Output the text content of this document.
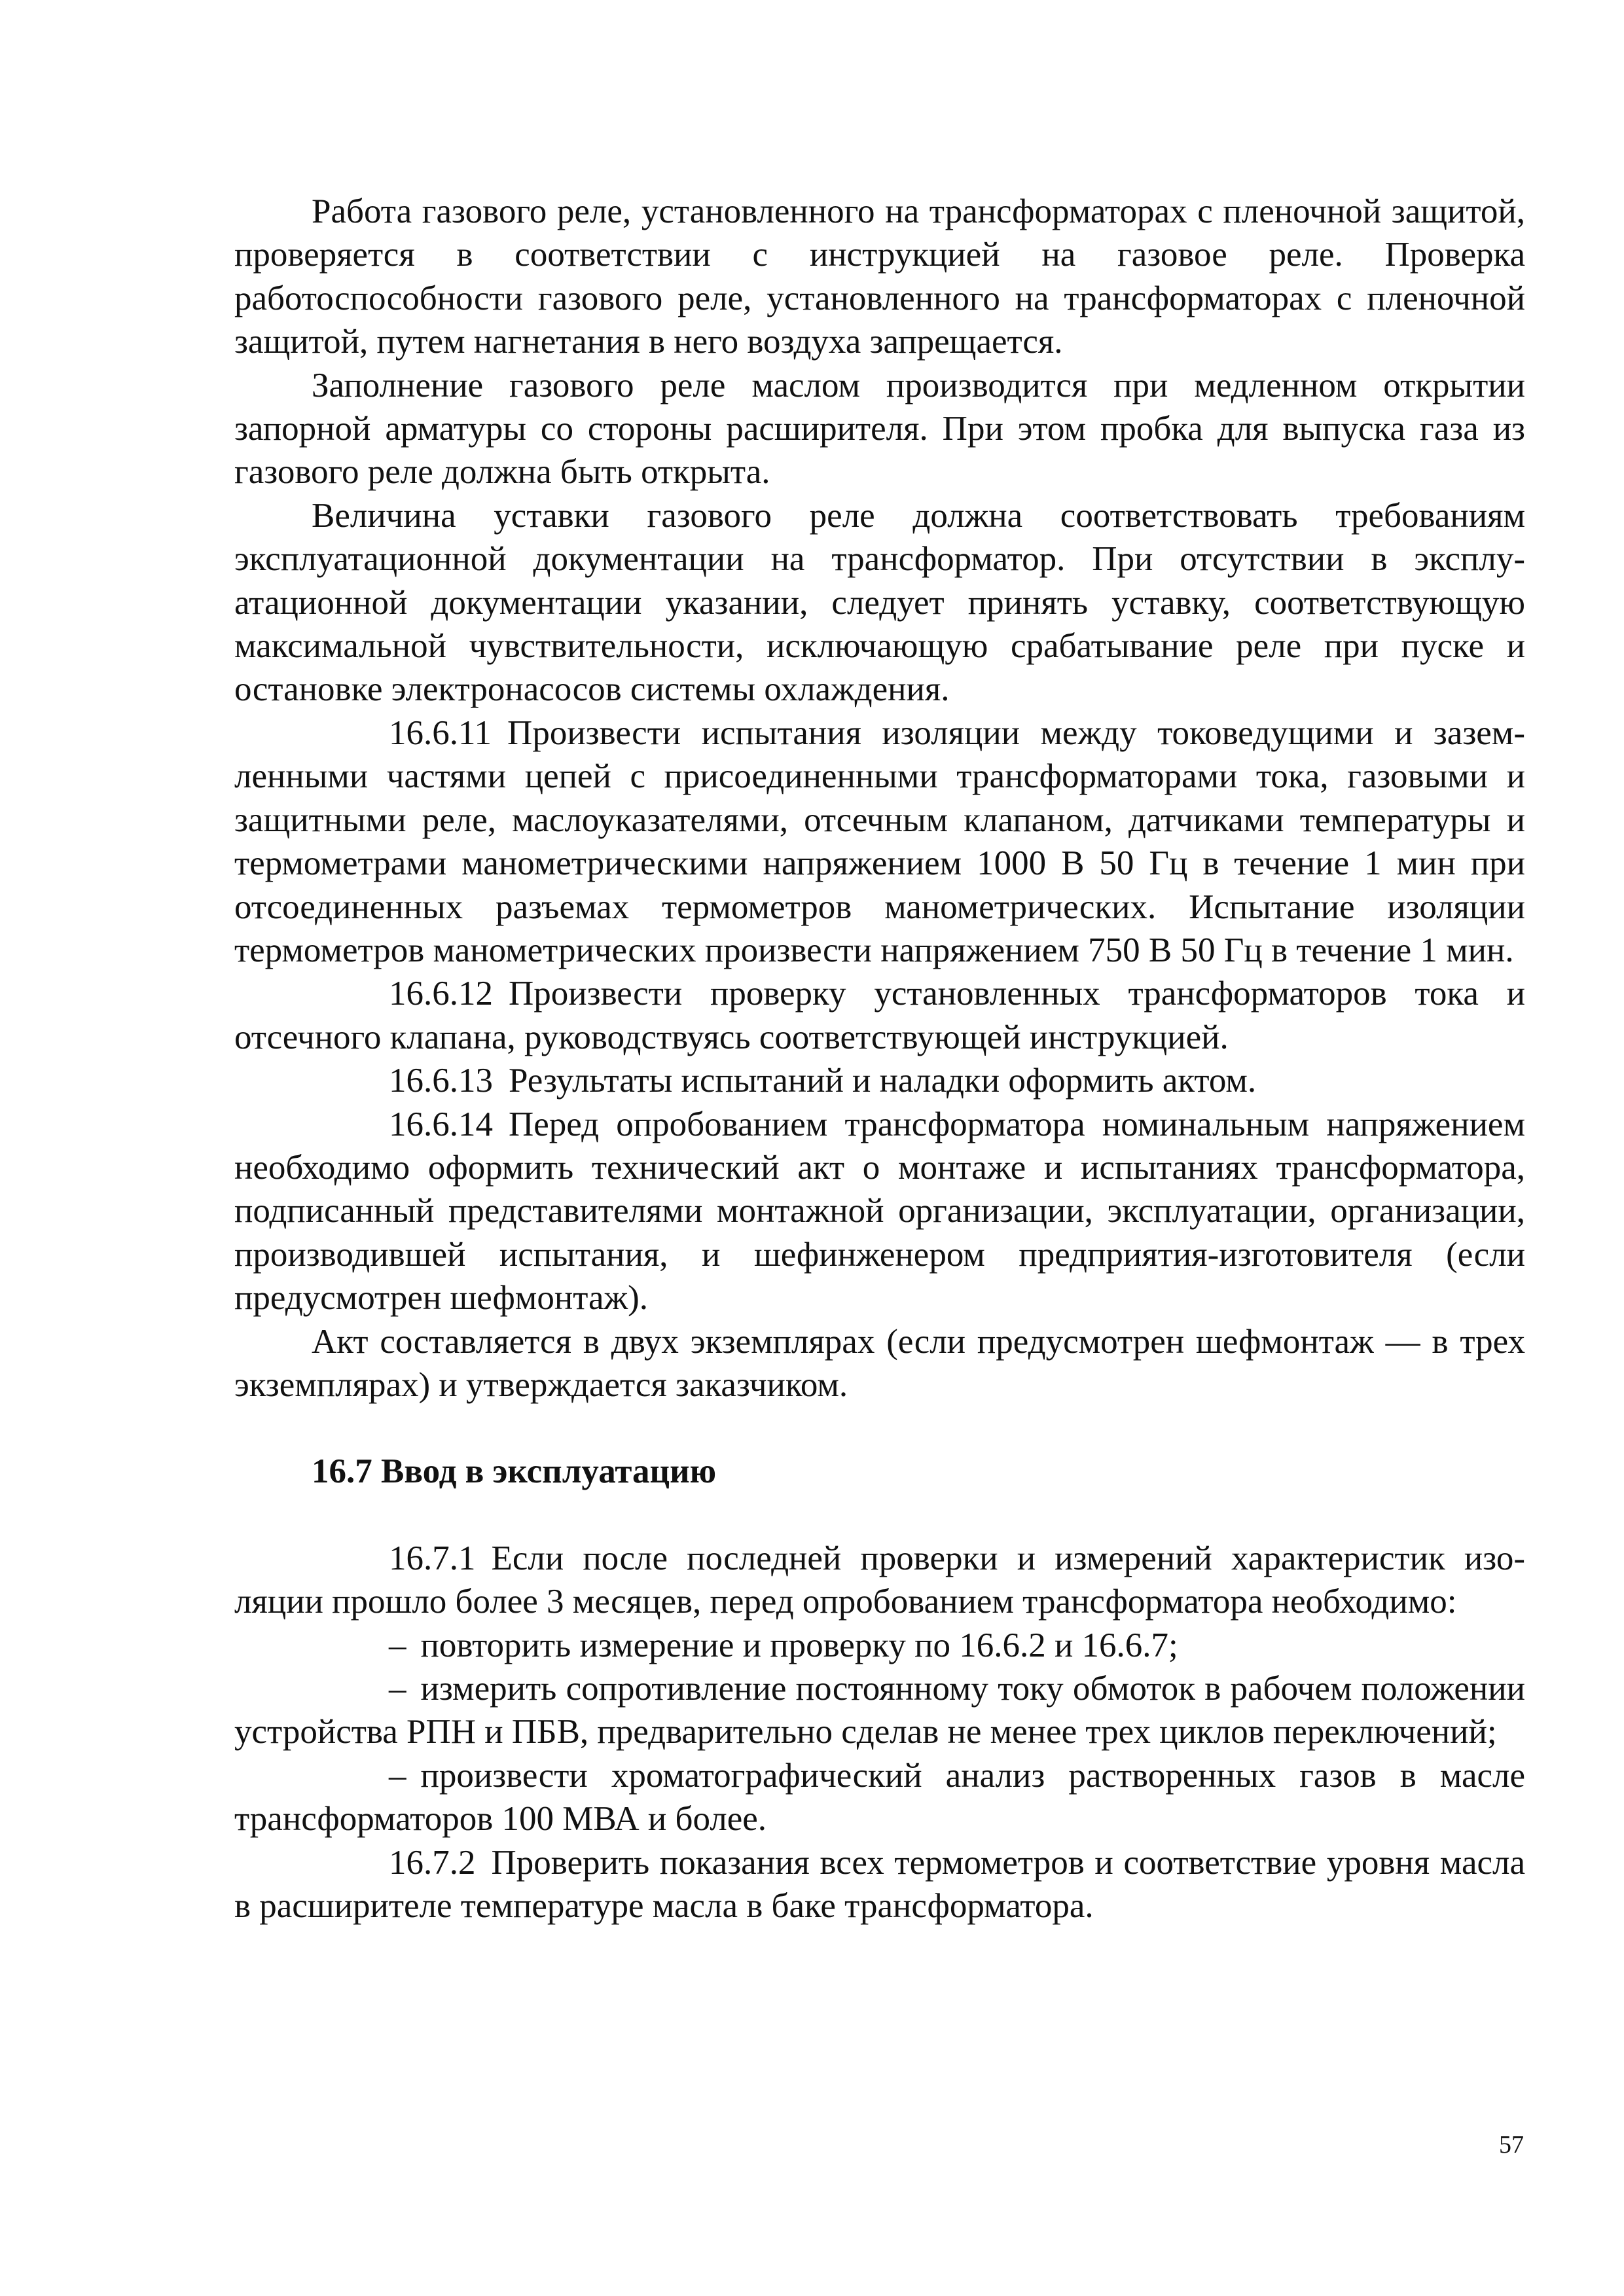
Работа газового реле, установленного на трансформаторах с пленочной защитой, проверяется в соответствии с инструкцией на газовое реле. Проверка работоспособности газового реле, установленного на трансформаторах с пленочной защитой, путем нагнетания в него воздуха запрещается.

Заполнение газового реле маслом производится при медленном открытии запорной арматуры со стороны расширителя. При этом пробка для выпуска газа из газового реле должна быть открыта.

Величина уставки газового реле должна соответствовать требованиям эксплуатационной документации на трансформатор. При отсутствии в эксплуатационной документации указании, следует принять уставку, соответствующую максимальной чувствительности, исключающую срабатывание реле при пуске и остановке электронасосов системы охлаждения.

16.6.11 Произвести испытания изоляции между токоведущими и заземленными частями цепей с присоединенными трансформаторами тока, газовыми и защитными реле, маслоуказателями, отсечным клапаном, датчиками температуры и термометрами манометрическими напряжением 1000 В 50 Гц в течение 1 мин при отсоединенных разъемах термометров манометрических. Испытание изоляции термометров манометрических произвести напряжением 750 В 50 Гц в течение 1 мин.

16.6.12 Произвести проверку установленных трансформаторов тока и отсечного клапана, руководствуясь соответствующей инструкцией.

16.6.13 Результаты испытаний и наладки оформить актом.

16.6.14 Перед опробованием трансформатора номинальным напряжением необходимо оформить технический акт о монтаже и испытаниях трансформатора, подписанный представителями монтажной организации, эксплуатации, организации, производившей испытания, и шефинженером предприятия-изготовителя (если предусмотрен шефмонтаж).

Акт составляется в двух экземплярах (если предусмотрен шефмонтаж — в трех экземплярах) и утверждается заказчиком.

16.7 Ввод в эксплуатацию

16.7.1 Если после последней проверки и измерений характеристик изоляции прошло более 3 месяцев, перед опробованием трансформатора необходимо:

– повторить измерение и проверку по 16.6.2 и 16.6.7;

– измерить сопротивление постоянному току обмоток в рабочем положении устройства РПН и ПБВ, предварительно сделав не менее трех циклов переключений;

– произвести хроматографический анализ растворенных газов в масле трансформаторов 100 МВА и более.

16.7.2 Проверить показания всех термометров и соответствие уровня масла в расширителе температуре масла в баке трансформатора.

57
